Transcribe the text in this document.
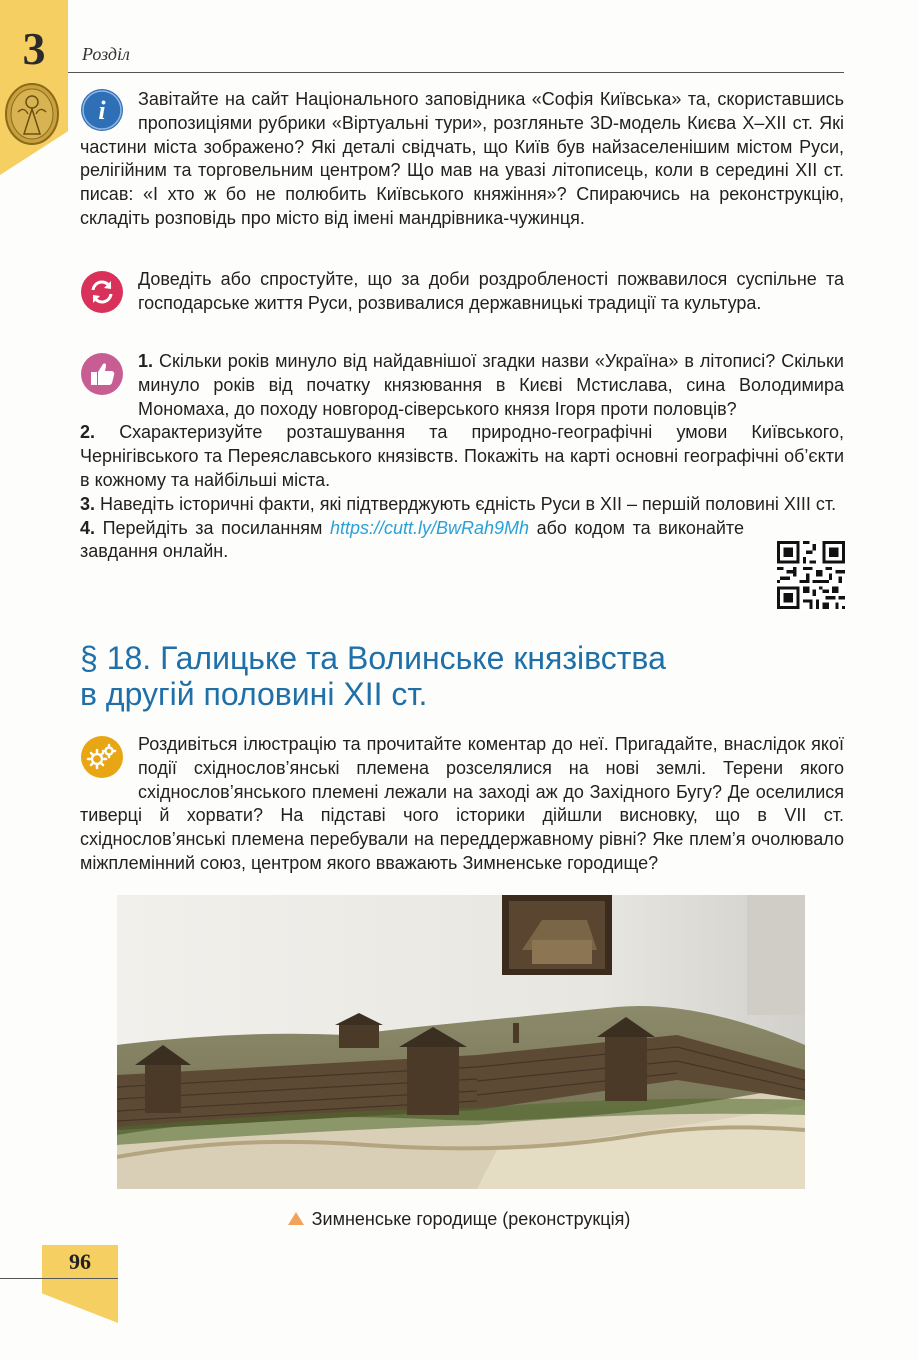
3	Розділ
i	Завітайте на сайт Національного заповідника «Софія Київська» та, скориставшись пропозиціями рубрики «Віртуальні тури», розгляньте 3D-модель Києва X–XII ст. Які частини міста зображено? Які деталі свідчать, що Київ був найзаселенішим містом Руси, релігійним та торговельним центром? Що мав на увазі літописець, коли в середині XII ст. писав: «І хто ж бо не полюбить Київського княжіння»? Спираючись на реконструкцію, складіть розповідь про місто від імені мандрівника-чужинця.

Доведіть або спростуйте, що за доби роздробленості пожвавилося суспільне та господарське життя Руси, розвивалися державницькі традиції та культура.

1. Скільки років минуло від найдавнішої згадки назви «Україна» в літописі? Скільки минуло років від початку князювання в Києві Мстислава, сина Володимира Мономаха, до походу новгород-сіверського князя Ігоря проти половців?

2. Схарактеризуйте розташування та природно-географічні умови Київського, Чернігівського та Переяславського князівств. Покажіть на карті основні географічні об’єкти в кожному та найбільші міста.

3. Наведіть історичні факти, які підтверджують єдність Руси в XII – першій половині XIII ст.

4. Перейдіть за посиланням https://cutt.ly/BwRah9Mh або кодом та виконайте завдання онлайн.

§ 18. Галицьке та Волинське князівства
в другій половині XII ст.

Роздивіться ілюстрацію та прочитайте коментар до неї. Пригадайте, внаслідок якої події східнослов’янські племена розселялися на нові землі. Терени якого східнослов’янського племені лежали на заході аж до Західного Бугу? Де оселилися тиверці й хорвати? На підставі чого історики дійшли висновку, що в VII ст. східнослов’янські племена перебували на переддержавному рівні? Яке плем’я очолювало міжплемінний союз, центром якого вважають Зимненське городище?

Зимненське городище (реконструкція)
96
